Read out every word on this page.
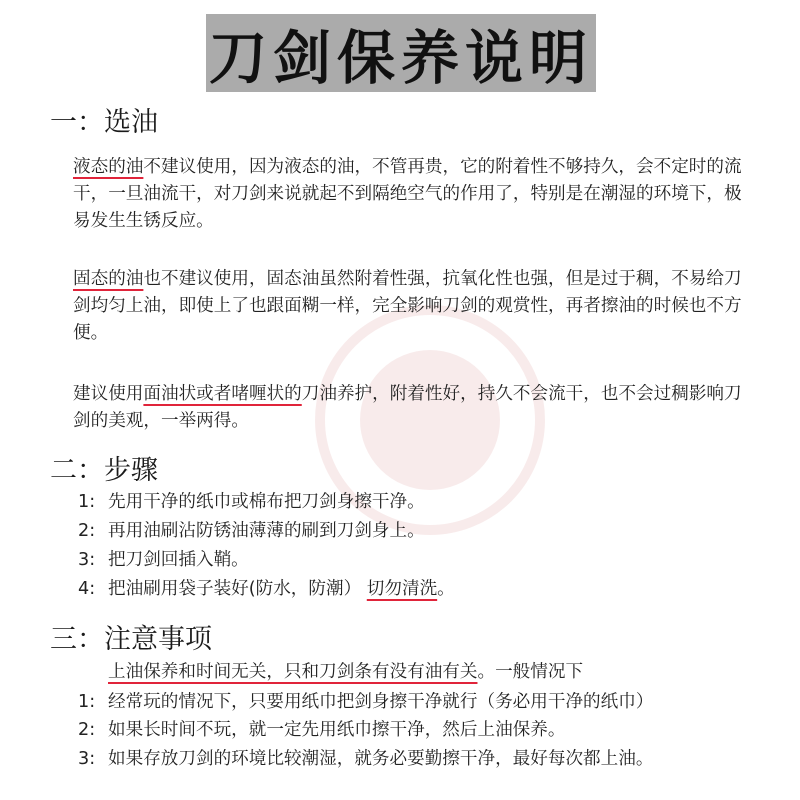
刀剑保养说明
一：选油
液态的油不建议使用，因为液态的油，不管再贵，它的附着性不够持久，会不定时的流干，一旦油流干，对刀剑来说就起不到隔绝空气的作用了，特别是在潮湿的环境下，极易发生生锈反应。
固态的油也不建议使用，固态油虽然附着性强，抗氧化性也强，但是过于稠，不易给刀剑均匀上油，即使上了也跟面糊一样，完全影响刀剑的观赏性，再者擦油的时候也不方便。
建议使用面油状或者啫喱状的刀油养护，附着性好，持久不会流干，也不会过稠影响刀剑的美观，一举两得。
二：步骤
1: 先用干净的纸巾或棉布把刀剑身擦干净。
2: 再用油刷沾防锈油薄薄的刷到刀剑身上。
3: 把刀剑回插入鞘。
4: 把油刷用袋子装好(防水，防潮） 切勿清洗。
三：注意事项
上油保养和时间无关，只和刀剑条有没有油有关。一般情况下
1: 经常玩的情况下，只要用纸巾把剑身擦干净就行（务必用干净的纸巾）
2: 如果长时间不玩，就一定先用纸巾擦干净，然后上油保养。
3: 如果存放刀剑的环境比较潮湿，就务必要勤擦干净，最好每次都上油。
